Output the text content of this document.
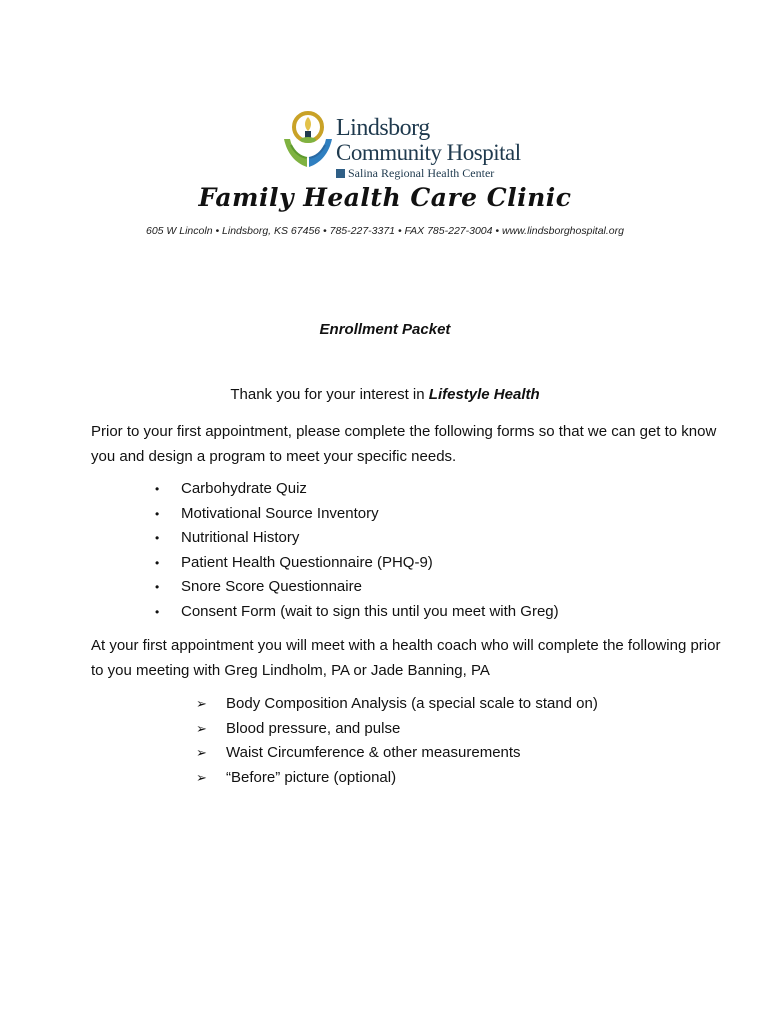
Lindsborg
Community Hospital
Salina Regional Health Center
Family Health Care Clinic
605 W Lincoln • Lindsborg, KS 67456 • 785-227-3371 • FAX 785-227-3004 • www.lindsborghospital.org
Enrollment Packet
Thank you for your interest in Lifestyle Health
Prior to your first appointment, please complete the following forms so that we can get to know you and design a program to meet your specific needs.
• Carbohydrate Quiz
• Motivational Source Inventory
• Nutritional History
• Patient Health Questionnaire (PHQ-9)
• Snore Score Questionnaire
• Consent Form (wait to sign this until you meet with Greg)
At your first appointment you will meet with a health coach who will complete the following prior to you meeting with Greg Lindholm, PA or Jade Banning, PA
➢ Body Composition Analysis (a special scale to stand on)
➢ Blood pressure, and pulse
➢ Waist Circumference & other measurements
➢ “Before” picture (optional)
